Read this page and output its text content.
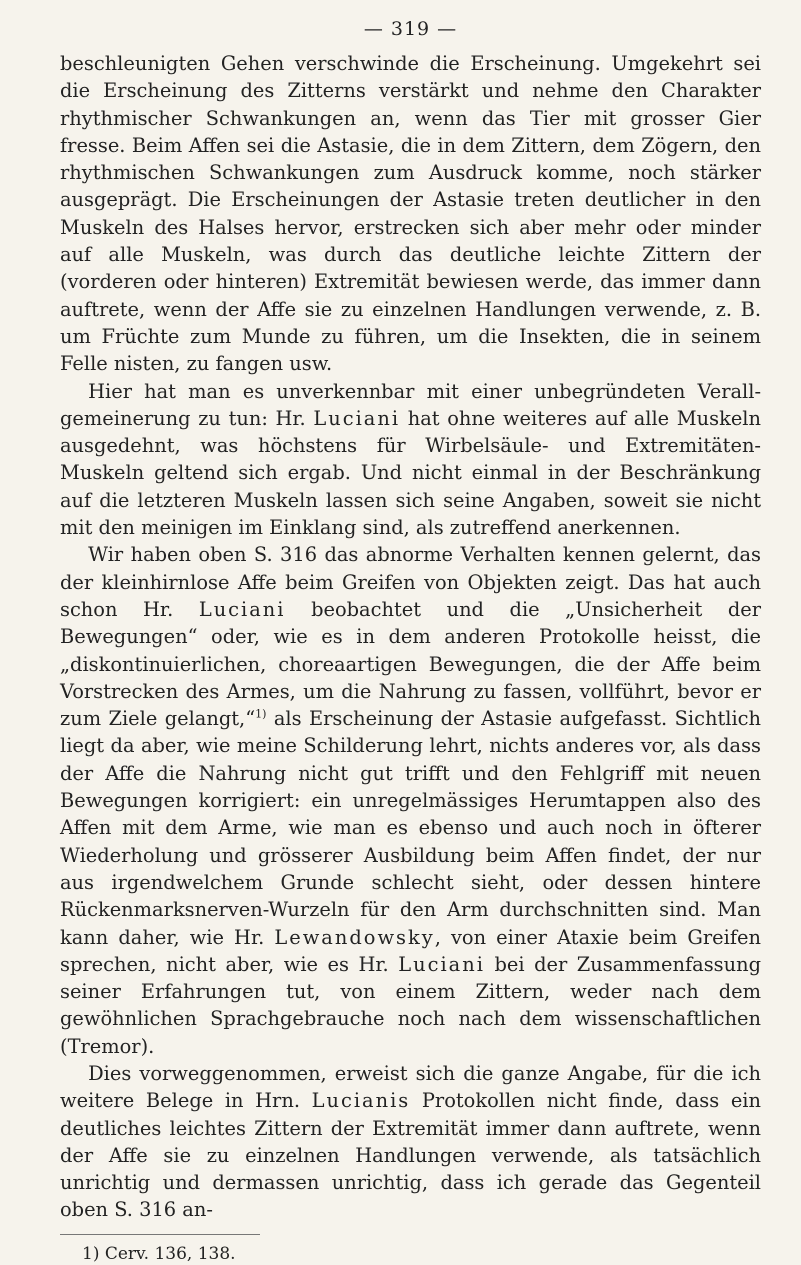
— 319 —

beschleunigten Gehen verschwinde die Erscheinung. Umgekehrt sei die Erscheinung des Zitterns verstärkt und nehme den Charakter rhythmischer Schwankungen an, wenn das Tier mit grosser Gier fresse. Beim Affen sei die Astasie, die in dem Zittern, dem Zögern, den rhythmischen Schwankungen zum Ausdruck komme, noch stärker ausgeprägt. Die Erscheinungen der Astasie treten deutlicher in den Muskeln des Halses hervor, erstrecken sich aber mehr oder minder auf alle Muskeln, was durch das deutliche leichte Zittern der (vorderen oder hinteren) Extremität bewiesen werde, das immer dann auftrete, wenn der Affe sie zu einzelnen Handlungen verwende, z. B. um Früchte zum Munde zu führen, um die Insekten, die in seinem Felle nisten, zu fangen usw.

Hier hat man es unverkennbar mit einer unbegründeten Verallgemeinerung zu tun: Hr. Luciani hat ohne weiteres auf alle Muskeln ausgedehnt, was höchstens für Wirbelsäule- und Extremitäten-Muskeln geltend sich ergab. Und nicht einmal in der Beschränkung auf die letzteren Muskeln lassen sich seine Angaben, soweit sie nicht mit den meinigen im Einklang sind, als zutreffend anerkennen.

Wir haben oben S. 316 das abnorme Verhalten kennen gelernt, das der kleinhirnlose Affe beim Greifen von Objekten zeigt. Das hat auch schon Hr. Luciani beobachtet und die „Unsicherheit der Bewegungen“ oder, wie es in dem anderen Protokolle heisst, die „diskontinuierlichen, choreaartigen Bewegungen, die der Affe beim Vorstrecken des Armes, um die Nahrung zu fassen, vollführt, bevor er zum Ziele gelangt,“$^{1)}$ als Erscheinung der Astasie aufgefasst. Sichtlich liegt da aber, wie meine Schilderung lehrt, nichts anderes vor, als dass der Affe die Nahrung nicht gut trifft und den Fehlgriff mit neuen Bewegungen korrigiert: ein unregelmässiges Herumtappen also des Affen mit dem Arme, wie man es ebenso und auch noch in öfterer Wiederholung und grösserer Ausbildung beim Affen findet, der nur aus irgendwelchem Grunde schlecht sieht, oder dessen hintere Rückenmarksnerven-Wurzeln für den Arm durchschnitten sind. Man kann daher, wie Hr. Lewandowsky, von einer Ataxie beim Greifen sprechen, nicht aber, wie es Hr. Luciani bei der Zusammenfassung seiner Erfahrungen tut, von einem Zittern, weder nach dem gewöhnlichen Sprachgebrauche noch nach dem wissenschaftlichen (Tremor).

Dies vorweggenommen, erweist sich die ganze Angabe, für die ich weitere Belege in Hrn. Lucianis Protokollen nicht finde, dass ein deutliches leichtes Zittern der Extremität immer dann auftrete, wenn der Affe sie zu einzelnen Handlungen verwende, als tatsächlich unrichtig und dermassen unrichtig, dass ich gerade das Gegenteil oben S. 316 an-

1) Cerv. 136, 138.
